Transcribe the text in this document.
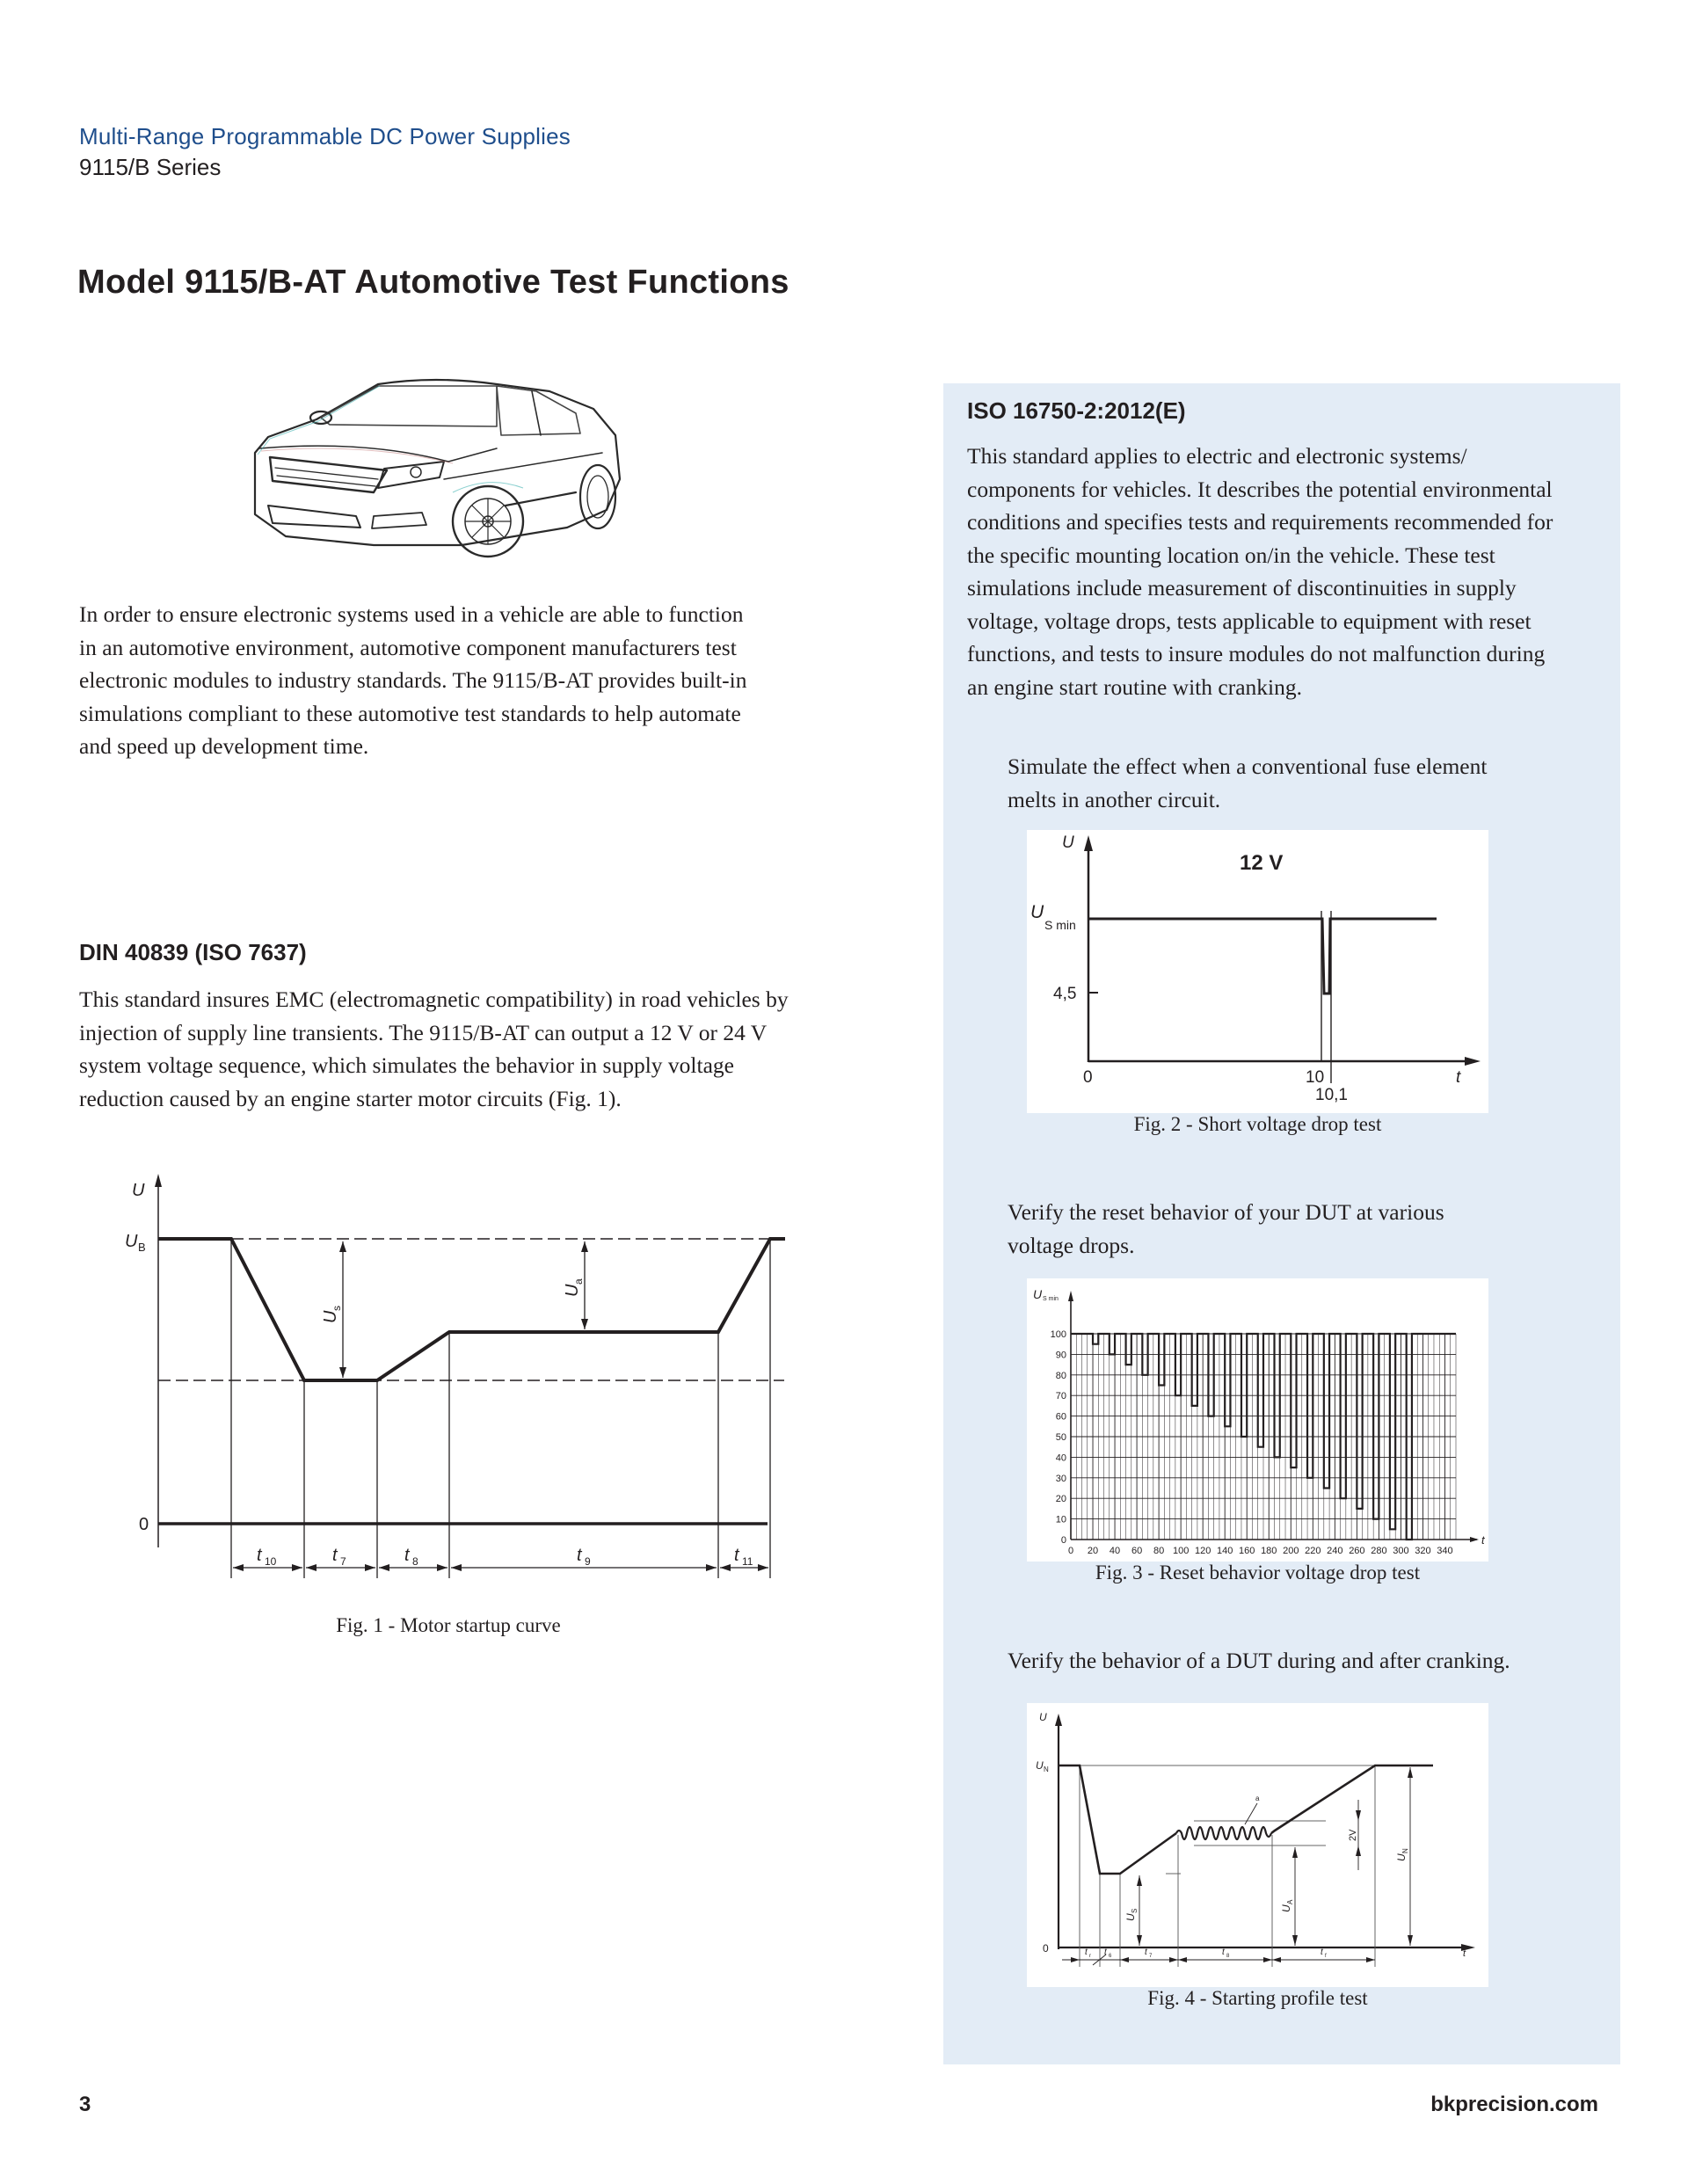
Multi-Range Programmable DC Power Supplies
9115/B Series
Model 9115/B-AT Automotive Test Functions
In order to ensure electronic systems used in a vehicle are able to function
in an automotive environment, automotive component manufacturers test
electronic modules to industry standards. The 9115/B-AT provides built-in
simulations compliant to these automotive test standards to help automate
and speed up development time.
DIN 40839 (ISO 7637)
This standard insures EMC (electromagnetic compatibility) in road vehicles by
injection of supply line transients. The 9115/B-AT can output a 12 V or 24 V
system voltage sequence, which simulates the behavior in supply voltage
reduction caused by an engine starter motor circuits (Fig. 1).
U
U B
0
U
s
U
a
t 10	t 7	t 8	t 9	t 11
Fig. 1 - Motor startup curve
ISO 16750-2:2012(E)
This standard applies to electric and electronic systems/
components for vehicles. It describes the potential environmental
conditions and specifies tests and requirements recommended for
the specific mounting location on/in the vehicle. These test
simulations include measurement of discontinuities in supply
voltage, voltage drops, tests applicable to equipment with reset
functions, and tests to insure modules do not malfunction during
an engine start routine with cranking.
Simulate the effect when a conventional fuse element
melts in another circuit.
U
12 V
U
S min
4,5
0	10
10,1
t
Fig. 2 - Short voltage drop test
Verify the reset behavior of your DUT at various
voltage drops.
0
10
20
30
40
50
60
70
80
90
100
0 20 40 60 80 100 120 140 160 180 200 220 240 260 280 300 320 340
U S min
t
Fig. 3 - Reset behavior voltage drop test
Verify the behavior of a DUT during and after cranking.
U
U N
0
a
2V
U
S	U
A
U
N
t r t 6	t 7	t 8	t f	t
Fig. 4 - Starting profile test
3	bkprecision.com
